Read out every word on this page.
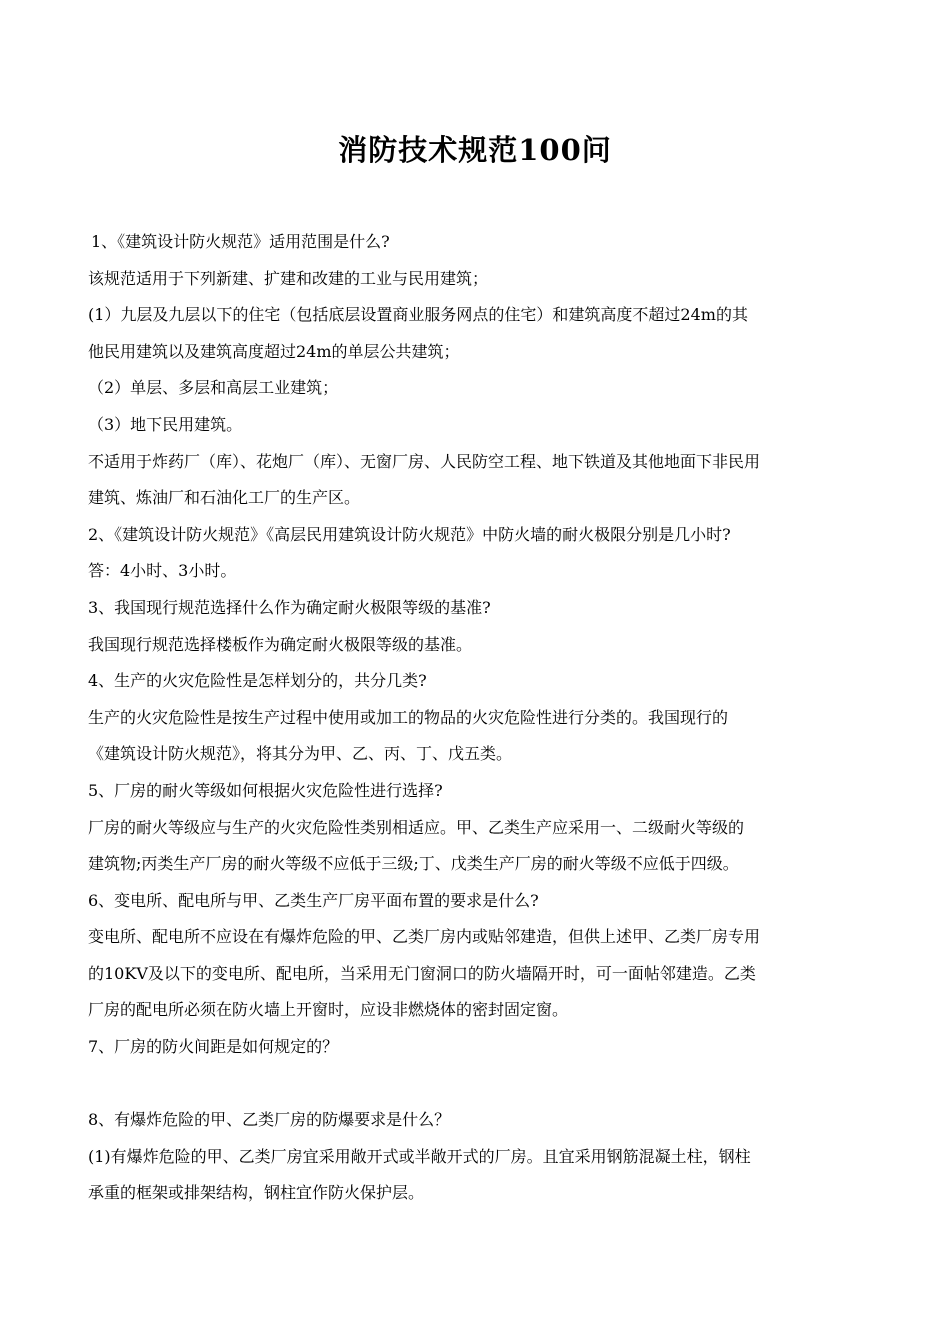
消防技术规范100问
1、《建筑设计防火规范》适用范围是什么?
该规范适用于下列新建、扩建和改建的工业与民用建筑；
(1）九层及九层以下的住宅（包括底层设置商业服务网点的住宅）和建筑高度不超过24m的其
他民用建筑以及建筑高度超过24m的单层公共建筑；
（2）单层、多层和高层工业建筑；
（3）地下民用建筑。
不适用于炸药厂（库）、花炮厂（库）、无窗厂房、人民防空工程、地下铁道及其他地面下非民用
建筑、炼油厂和石油化工厂的生产区。
2、《建筑设计防火规范》《高层民用建筑设计防火规范》中防火墙的耐火极限分别是几小时?
答：4小时、3小时。
3、我国现行规范选择什么作为确定耐火极限等级的基准?
我国现行规范选择楼板作为确定耐火极限等级的基准。
4、生产的火灾危险性是怎样划分的，共分几类?
生产的火灾危险性是按生产过程中使用或加工的物品的火灾危险性进行分类的。我国现行的
《建筑设计防火规范》，将其分为甲、乙、丙、丁、戊五类。
5、厂房的耐火等级如何根据火灾危险性进行选择?
厂房的耐火等级应与生产的火灾危险性类别相适应。甲、乙类生产应采用一、二级耐火等级的
建筑物;丙类生产厂房的耐火等级不应低于三级;丁、戊类生产厂房的耐火等级不应低于四级。
6、变电所、配电所与甲、乙类生产厂房平面布置的要求是什么?
变电所、配电所不应设在有爆炸危险的甲、乙类厂房内或贴邻建造，但供上述甲、乙类厂房专用
的10KV及以下的变电所、配电所，当采用无门窗洞口的防火墙隔开时，可一面帖邻建造。乙类
厂房的配电所必须在防火墙上开窗时，应设非燃烧体的密封固定窗。
7、厂房的防火间距是如何规定的？
8、有爆炸危险的甲、乙类厂房的防爆要求是什么？
(1)有爆炸危险的甲、乙类厂房宜采用敞开式或半敞开式的厂房。且宜采用钢筋混凝土柱，钢柱
承重的框架或排架结构，钢柱宜作防火保护层。
